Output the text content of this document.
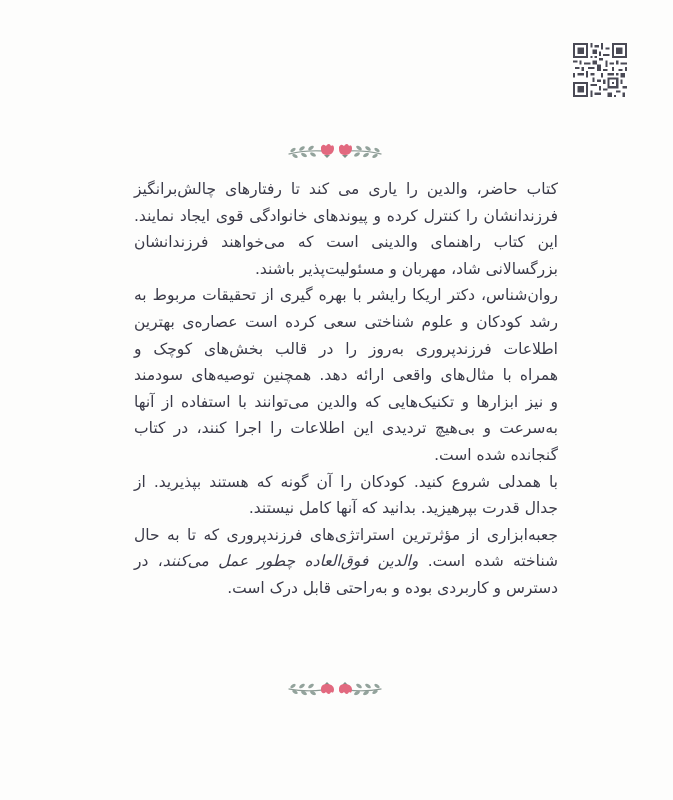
کتاب حاضر، والدین را یاری می کند تا رفتارهای چالش‌برانگیز
فرزندانشان را کنترل کرده و پیوندهای خانوادگی قوی ایجاد نمایند.
این کتاب راهنمای والدینی است که می‌خواهند فرزندانشان
بزرگسالانی شاد، مهربان و مسئولیت‌پذیر باشند.
روان‌شناس، دکتر اریکا رایشر با بهره گیری از تحقیقات مربوط به
رشد کودکان و علوم شناختی سعی کرده است عصاره‌ی بهترین
اطلاعات فرزندپروری به‌روز را در قالب بخش‌های کوچک و
همراه با مثال‌های واقعی ارائه دهد. همچنین توصیه‌های سودمند
و نیز ابزارها و تکنیک‌هایی که والدین می‌توانند با استفاده از آنها
به‌سرعت و بی‌هیچ تردیدی این اطلاعات را اجرا کنند، در کتاب
گنجانده شده است.
با همدلی شروع کنید. کودکان را آن گونه که هستند بپذیرید. از
جدال قدرت بپرهیزید. بدانید که آنها کامل نیستند.
جعبه‌ابزاری از مؤثرترین استراتژی‌های فرزندپروری که تا به حال
شناخته شده است. والدین فوق‌العاده چطور عمل می‌کنند، در
دسترس و کاربردی بوده و به‌راحتی قابل درک است.
